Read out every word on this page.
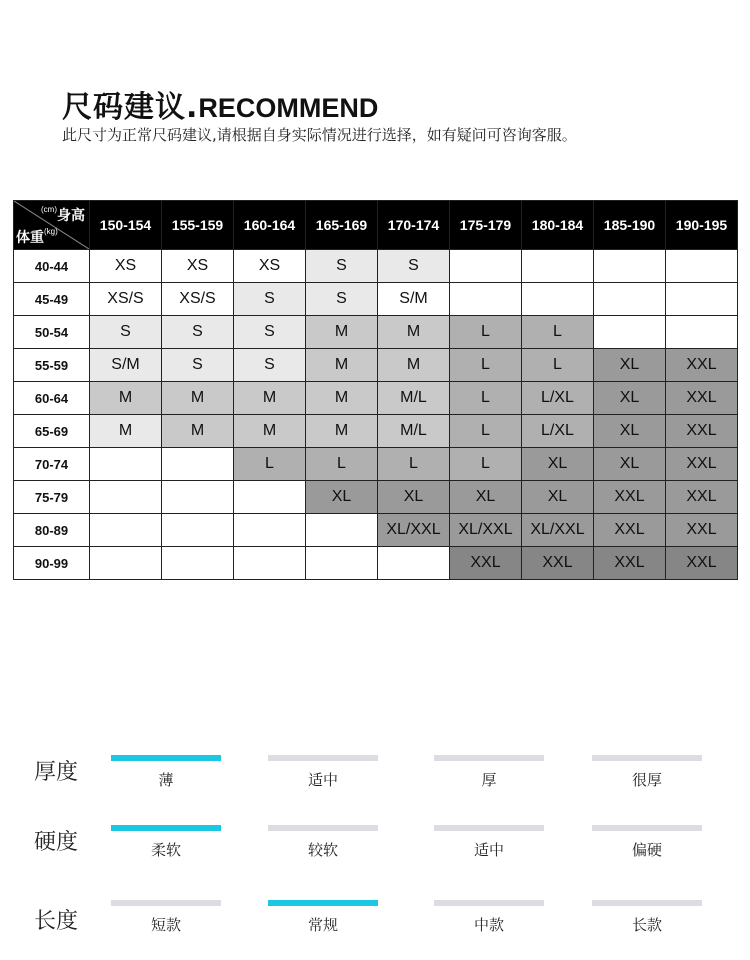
尺码建议.RECOMMEND
此尺寸为正常尺码建议,请根据自身实际情况进行选择，如有疑问可咨询客服。
$^{(cm)}$身高
体重$^{(kg)}$	150-154	155-159	160-164	165-169	170-174	175-179	180-184	185-190	190-195
40-44	XS	XS	XS	S	S				
45-49	XS/S	XS/S	S	S	S/M				
50-54	S	S	S	M	M	L	L		
55-59	S/M	S	S	M	M	L	L	XL	XXL
60-64	M	M	M	M	M/L	L	L/XL	XL	XXL
65-69	M	M	M	M	M/L	L	L/XL	XL	XXL
70-74			L	L	L	L	XL	XL	XXL
75-79				XL	XL	XL	XL	XXL	XXL
80-89					XL/XXL	XL/XXL	XL/XXL	XXL	XXL
90-99						XXL	XXL	XXL	XXL
厚度	薄	适中	厚	很厚
硬度	柔软	较软	适中	偏硬
长度	短款	常规	中款	长款
